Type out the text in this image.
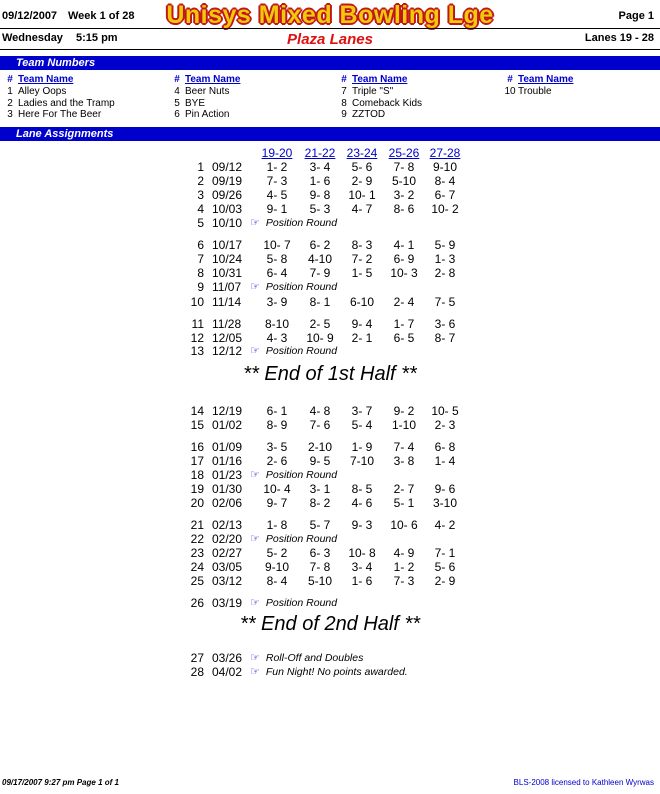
09/12/2007 Week 1 of 28	Unisys Mixed Bowling Lge	Page 1
Wednesday 5:15 pm	Plaza Lanes	Lanes 19 - 28
Team Numbers
# Team Name
1 Alley Oops
2 Ladies and the Tramp
3 Here For The Beer
# Team Name
4 Beer Nuts
5 BYE
6 Pin Action
# Team Name
7 Triple "S"
8 Comeback Kids
9 ZZTOD
# Team Name
10 Trouble
Lane Assignments
19-20	21-22 23-24 25-26 27-28
1 09/12	1- 2	3- 4	5- 6	7- 8	9-10
2 09/19	7- 3	1- 6	2- 9	5-10	8- 4
3 09/26	4- 5	9- 8	10- 1	3- 2	6- 7
4 10/03	9- 1	5- 3	4- 7	8- 6	10- 2
5 10/10 ☞ Position Round
6 10/17	10- 7	6- 2	8- 3	4- 1	5- 9
7 10/24	5- 8	4-10	7- 2	6- 9	1- 3
8 10/31	6- 4	7- 9	1- 5	10- 3	2- 8
9 11/07 ☞ Position Round
10 11/14	3- 9	8- 1	6-10	2- 4	7- 5
11 11/28	8-10	2- 5	9- 4	1- 7	3- 6
12 12/05	4- 3	10- 9	2- 1	6- 5	8- 7
13 12/12 ☞ Position Round
14 12/19	6- 1	4- 8	3- 7	9- 2	10- 5
15 01/02	8- 9	7- 6	5- 4	1-10	2- 3
16 01/09	3- 5	2-10	1- 9	7- 4	6- 8
17 01/16	2- 6	9- 5	7-10	3- 8	1- 4
18 01/23 ☞ Position Round
19 01/30	10- 4	3- 1	8- 5	2- 7	9- 6
20 02/06	9- 7	8- 2	4- 6	5- 1	3-10
21 02/13	1- 8	5- 7	9- 3	10- 6	4- 2
22 02/20 ☞ Position Round
23 02/27	5- 2	6- 3	10- 8	4- 9	7- 1
24 03/05	9-10	7- 8	3- 4	1- 2	5- 6
25 03/12	8- 4	5-10	1- 6	7- 3	2- 9
26 03/19 ☞ Position Round
27 03/26 ☞ Roll-Off and Doubles
28 04/02 ☞ Fun Night! No points awarded.
** End of 1st Half **
** End of 2nd Half **
09/17/2007 9:27 pm Page 1 of 1	BLS-2008 licensed to Kathleen Wyrwas
